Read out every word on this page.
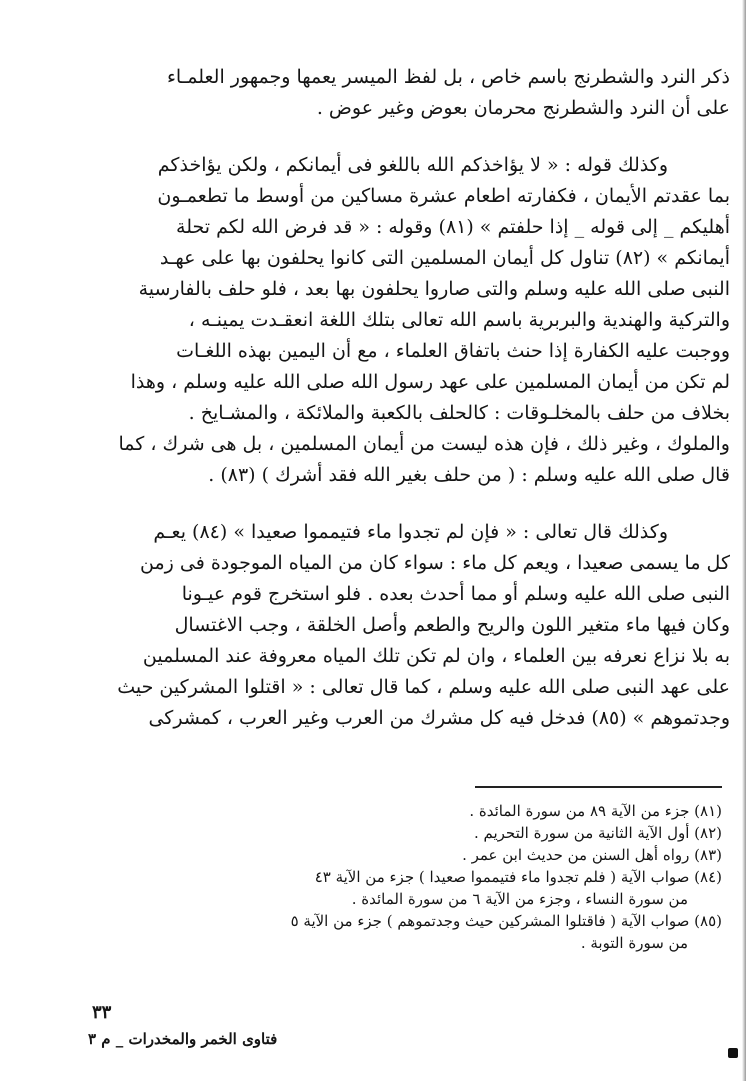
ذكر النرد والشطرنج باسم خاص ، بل لفظ الميسر يعمها وجمهور العلمـاء
على أن النرد والشطرنج محرمان بعوض وغير عوض .

وكذلك قوله : « لا يؤاخذكم الله باللغو فى أيمانكم ، ولكن يؤاخذكم
بما عقدتم الأيمان ، فكفارته اطعام عشرة مساكين من أوسط ما تطعمـون
أهليكم _ إلى قوله _ إذا حلفتم » (٨١) وقوله : « قد فرض الله لكم تحلة
أيمانكم » (٨٢) تناول كل أيمان المسلمين التى كانوا يحلفون بها على عهـد
النبى صلى الله عليه وسلم والتى صاروا يحلفون بها بعد ، فلو حلف بالفارسية
والتركية والهندية والبربرية باسم الله تعالى بتلك اللغة انعقـدت يمينـه ،
ووجبت عليه الكفارة إذا حنث باتفاق العلماء ، مع أن اليمين بهذه اللغـات
لم تكن من أيمان المسلمين على عهد رسول الله صلى الله عليه وسلم ، وهذا
بخلاف من حلف بالمخلـوقات : كالحلف بالكعبة والملائكة ، والمشـايخ .
والملوك ، وغير ذلك ، فإن هذه ليست من أيمان المسلمين ، بل هى شرك ، كما
قال صلى الله عليه وسلم : ( من حلف بغير الله فقد أشرك ) (٨٣) .

وكذلك قال تعالى : « فإن لم تجدوا ماء فتيمموا صعيدا » (٨٤) يعـم
كل ما يسمى صعيدا ، ويعم كل ماء : سواء كان من المياه الموجودة فى زمن
النبى صلى الله عليه وسلم أو مما أحدث بعده . فلو استخرج قوم عيـونا
وكان فيها ماء متغير اللون والريح والطعم وأصل الخلقة ، وجب الاغتسال
به بلا نزاع نعرفه بين العلماء ، وان لم تكن تلك المياه معروفة عند المسلمين
على عهد النبى صلى الله عليه وسلم ، كما قال تعالى : « اقتلوا المشركين حيث
وجدتموهم » (٨٥) فدخل فيه كل مشرك من العرب وغير العرب ، كمشركى

(٨١) جزء من الآية ٨٩ من سورة المائدة .
(٨٢) أول الآية الثانية من سورة التحريم .
(٨٣) رواه أهل السنن من حديث ابن عمر .
(٨٤) صواب الآية ( فلم تجدوا ماء فتيمموا صعيدا ) جزء من الآية ٤٣
من سورة النساء ، وجزء من الآية ٦ من سورة المائدة .
(٨٥) صواب الآية ( فاقتلوا المشركين حيث وجدتموهم ) جزء من الآية ٥
من سورة التوبة .
٣٣
فتاوى الخمر والمخدرات _ م ٣
